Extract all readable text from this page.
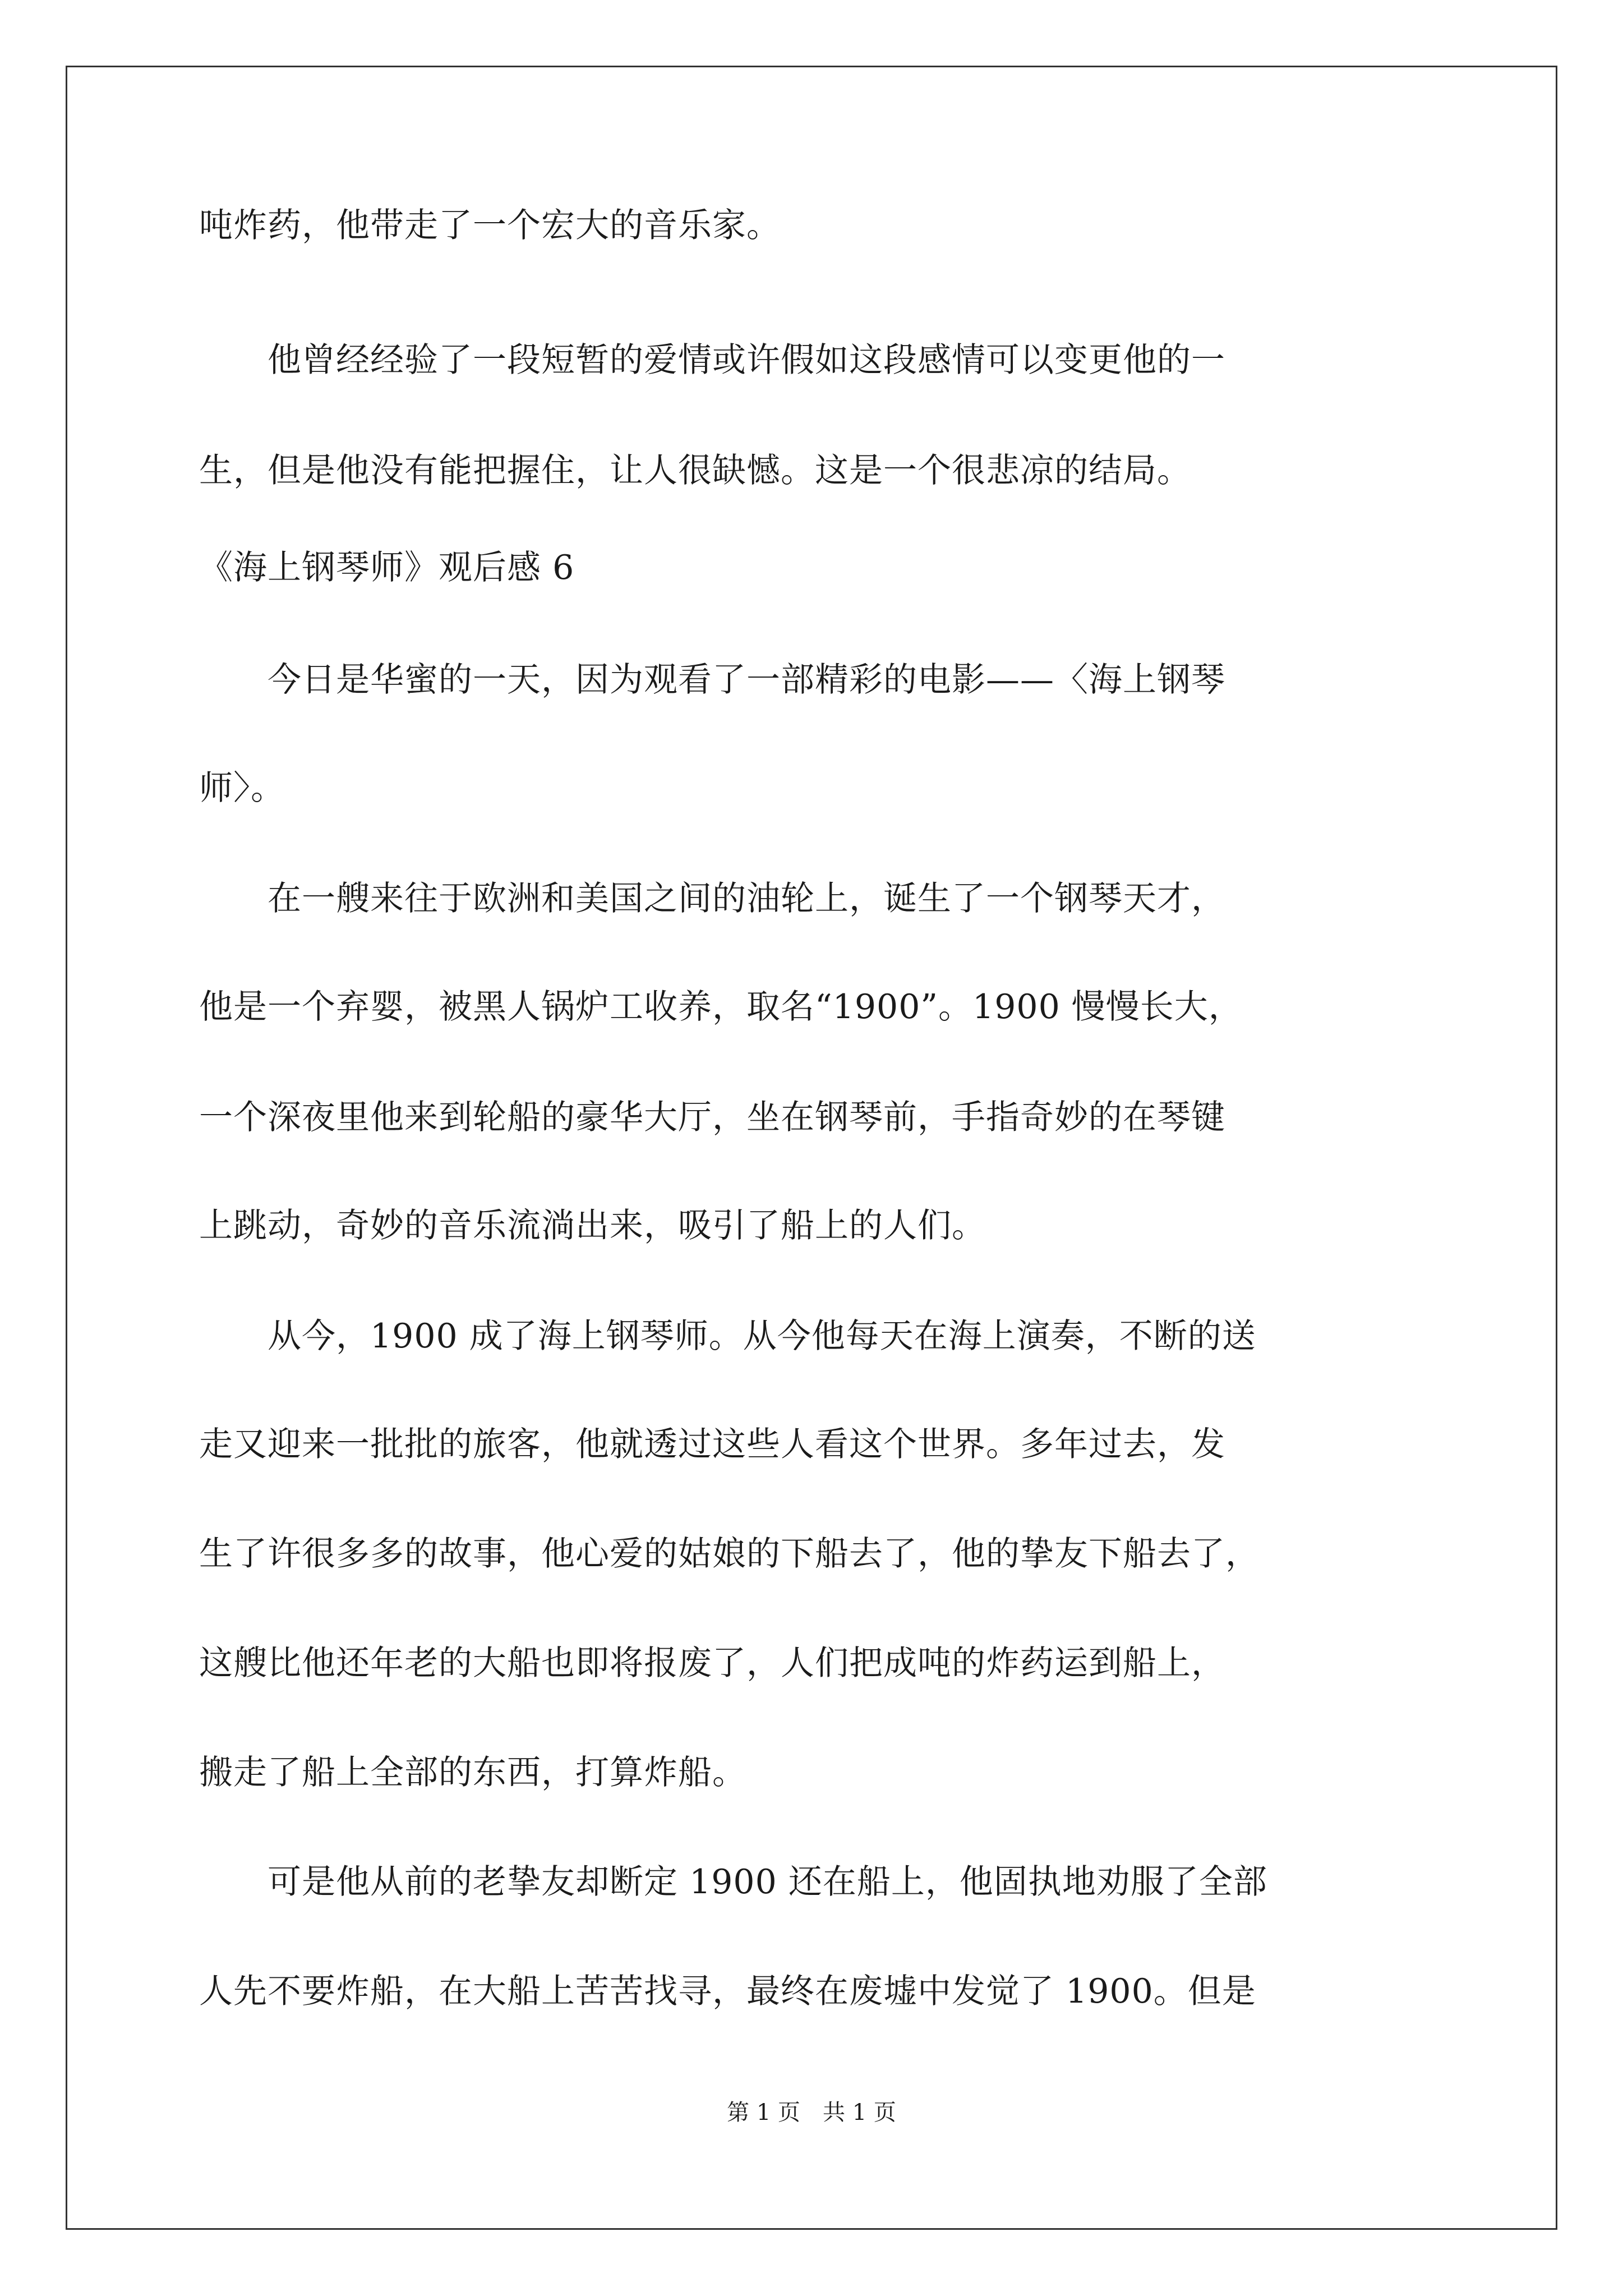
吨炸药，他带走了一个宏大的音乐家。

　　他曾经经验了一段短暂的爱情或许假如这段感情可以变更他的一

生，但是他没有能把握住，让人很缺憾。这是一个很悲凉的结局。

《海上钢琴师》观后感 6

　　今日是华蜜的一天，因为观看了一部精彩的电影——〈海上钢琴

师〉。

　　在一艘来往于欧洲和美国之间的油轮上，诞生了一个钢琴天才，

他是一个弃婴，被黑人锅炉工收养，取名“1900”。1900 慢慢长大，

一个深夜里他来到轮船的豪华大厅，坐在钢琴前，手指奇妙的在琴键

上跳动，奇妙的音乐流淌出来，吸引了船上的人们。

　　从今，1900 成了海上钢琴师。从今他每天在海上演奏，不断的送

走又迎来一批批的旅客，他就透过这些人看这个世界。多年过去，发

生了许很多多的故事，他心爱的姑娘的下船去了，他的挚友下船去了，

这艘比他还年老的大船也即将报废了，人们把成吨的炸药运到船上，

搬走了船上全部的东西，打算炸船。

　　可是他从前的老挚友却断定 1900 还在船上，他固执地劝服了全部

人先不要炸船，在大船上苦苦找寻，最终在废墟中发觉了 1900。但是

第 1 页　共 1 页
